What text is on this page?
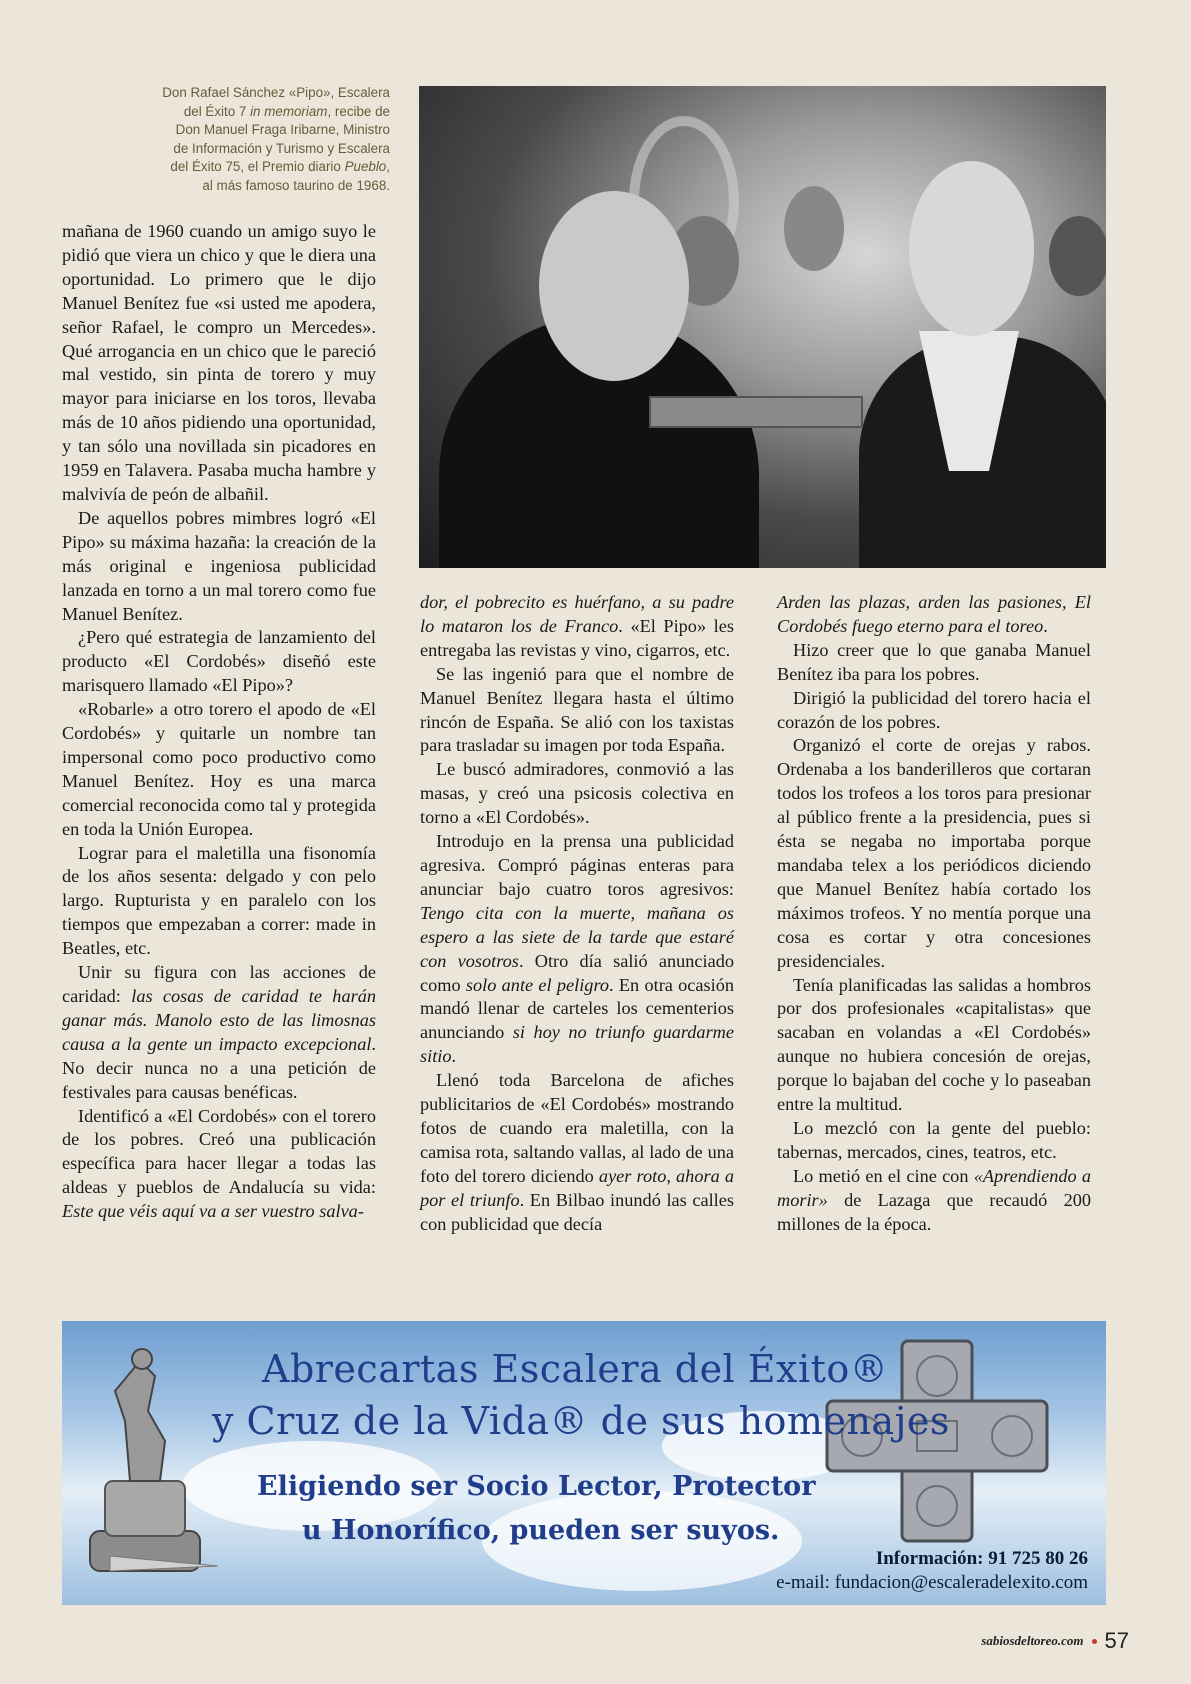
Don Rafael Sánchez «Pipo», Escalera

del Éxito 7 in memoriam, recibe de

Don Manuel Fraga Iribarne, Ministro

de Información y Turismo y Escalera

del Éxito 75, el Premio diario Pueblo,

al más famoso taurino de 1968.

mañana de 1960 cuando un amigo suyo le pidió que viera un chico y que le diera una oportunidad. Lo primero que le dijo Manuel Benítez fue «si usted me apodera, señor Rafael, le compro un Mercedes». Qué arrogancia en un chico que le pareció mal vestido, sin pinta de torero y muy mayor para iniciarse en los toros, llevaba más de 10 años pidiendo una oportunidad, y tan sólo una novillada sin picadores en 1959 en Talavera. Pasaba mucha hambre y malvivía de peón de albañil.

De aquellos pobres mimbres logró «El Pipo» su máxima hazaña: la creación de la más original e ingeniosa publicidad lanzada en torno a un mal torero como fue Manuel Benítez.

¿Pero qué estrategia de lanzamiento del producto «El Cordobés» diseñó este marisquero llamado «El Pipo»?

«Robarle» a otro torero el apodo de «El Cordobés» y quitarle un nombre tan impersonal como poco productivo como Manuel Benítez. Hoy es una marca comercial reconocida como tal y protegida en toda la Unión Europea.

Lograr para el maletilla una fisonomía de los años sesenta: delgado y con pelo largo. Rupturista y en paralelo con los tiempos que empezaban a correr: made in Beatles, etc.

Unir su figura con las acciones de caridad: las cosas de caridad te harán ganar más. Manolo esto de las limosnas causa a la gente un impacto excepcional. No decir nunca no a una petición de festivales para causas benéficas.

Identificó a «El Cordobés» con el torero de los pobres. Creó una publicación específica para hacer llegar a todas las aldeas y pueblos de Andalucía su vida: Este que véis aquí va a ser vuestro salva-

dor, el pobrecito es huérfano, a su padre lo mataron los de Franco. «El Pipo» les entregaba las revistas y vino, cigarros, etc.

Se las ingenió para que el nombre de Manuel Benítez llegara hasta el último rincón de España. Se alió con los taxistas para trasladar su imagen por toda España.

Le buscó admiradores, conmovió a las masas, y creó una psicosis colectiva en torno a «El Cordobés».

Introdujo en la prensa una publicidad agresiva. Compró páginas enteras para anunciar bajo cuatro toros agresivos: Tengo cita con la muerte, mañana os espero a las siete de la tarde que estaré con vosotros. Otro día salió anunciado como solo ante el peligro. En otra ocasión mandó llenar de carteles los cementerios anunciando si hoy no triunfo guardarme sitio.

Llenó toda Barcelona de afiches publicitarios de «El Cordobés» mostrando fotos de cuando era maletilla, con la camisa rota, saltando vallas, al lado de una foto del torero diciendo ayer roto, ahora a por el triunfo. En Bilbao inundó las calles con publicidad que decía

Arden las plazas, arden las pasiones, El Cordobés fuego eterno para el toreo.

Hizo creer que lo que ganaba Manuel Benítez iba para los pobres.

Dirigió la publicidad del torero hacia el corazón de los pobres.

Organizó el corte de orejas y rabos. Ordenaba a los banderilleros que cortaran todos los trofeos a los toros para presionar al público frente a la presidencia, pues si ésta se negaba no importaba porque mandaba telex a los periódicos diciendo que Manuel Benítez había cortado los máximos trofeos. Y no mentía porque una cosa es cortar y otra concesiones presidenciales.

Tenía planificadas las salidas a hombros por dos profesionales «capitalistas» que sacaban en volandas a «El Cordobés» aunque no hubiera concesión de orejas, porque lo bajaban del coche y lo paseaban entre la multitud.

Lo mezcló con la gente del pueblo: tabernas, mercados, cines, teatros, etc.

Lo metió en el cine con «Aprendiendo a morir» de Lazaga que recaudó 200 millones de la época.

Abrecartas Escalera del Éxito®
y Cruz de la Vida® de sus homenajes
Eligiendo ser Socio Lector, Protector
u Honorífico, pueden ser suyos.
Información: 91 725 80 26
e-mail: fundacion@escaleradelexito.com
sabiosdeltoreo.com 57
